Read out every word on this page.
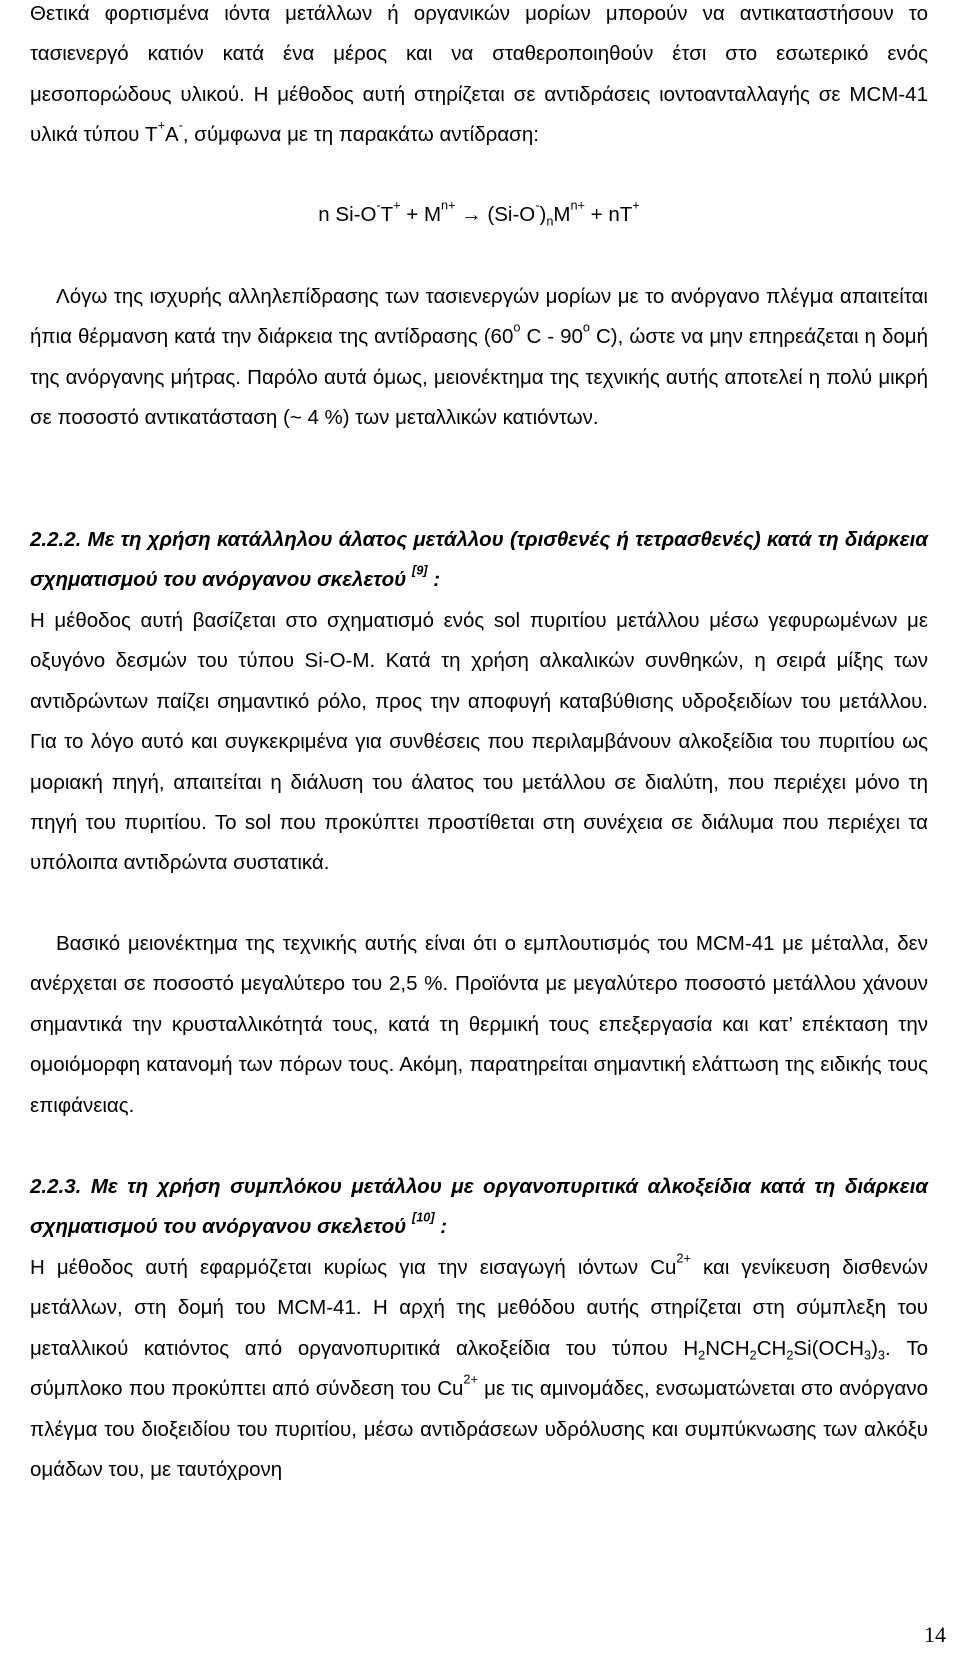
Θετικά φορτισμένα ιόντα μετάλλων ή οργανικών μορίων μπορούν να αντικαταστήσουν το τασιενεργό κατιόν κατά ένα μέρος και να σταθεροποιηθούν έτσι στο εσωτερικό ενός μεσοπορώδους υλικού. Η μέθοδος αυτή στηρίζεται σε αντιδράσεις ιοντοανταλλαγής σε MCM-41 υλικά τύπου T+A-, σύμφωνα με τη παρακάτω αντίδραση:

n $Si-O^-T^+ + M^{n+} \to (Si-O^-)_nM^{n+} + nT^+$

Λόγω της ισχυρής αλληλεπίδρασης των τασιενεργών μορίων με το ανόργανο πλέγμα απαιτείται ήπια θέρμανση κατά την διάρκεια της αντίδρασης (60$^o$ C - 90$^o$ C), ώστε να μην επηρεάζεται η δομή της ανόργανης μήτρας. Παρόλο αυτά όμως, μειονέκτημα της τεχνικής αυτής αποτελεί η πολύ μικρή σε ποσοστό αντικατάσταση (~ 4 %) των μεταλλικών κατιόντων.

2.2.2. Με τη χρήση κατάλληλου άλατος μετάλλου (τρισθενές ή τετρασθενές) κατά τη διάρκεια σχηματισμού του ανόργανου σκελετού [9] :

Η μέθοδος αυτή βασίζεται στο σχηματισμό ενός sol πυριτίου μετάλλου μέσω γεφυρωμένων με οξυγόνο δεσμών του τύπου Si-O-M. Κατά τη χρήση αλκαλικών συνθηκών, η σειρά μίξης των αντιδρώντων παίζει σημαντικό ρόλο, προς την αποφυγή καταβύθισης υδροξειδίων του μετάλλου. Για το λόγο αυτό και συγκεκριμένα για συνθέσεις που περιλαμβάνουν αλκοξείδια του πυριτίου ως μοριακή πηγή, απαιτείται η διάλυση του άλατος του μετάλλου σε διαλύτη, που περιέχει μόνο τη πηγή του πυριτίου. Το sol που προκύπτει προστίθεται στη συνέχεια σε διάλυμα που περιέχει τα υπόλοιπα αντιδρώντα συστατικά.

Βασικό μειονέκτημα της τεχνικής αυτής είναι ότι ο εμπλουτισμός του MCM-41 με μέταλλα, δεν ανέρχεται σε ποσοστό μεγαλύτερο του 2,5 %. Προϊόντα με μεγαλύτερο ποσοστό μετάλλου χάνουν σημαντικά την κρυσταλλικότητά τους, κατά τη θερμική τους επεξεργασία και κατ’ επέκταση την ομοιόμορφη κατανομή των πόρων τους. Ακόμη, παρατηρείται σημαντική ελάττωση της ειδικής τους επιφάνειας.

2.2.3. Με τη χρήση συμπλόκου μετάλλου με οργανοπυριτικά αλκοξείδια κατά τη διάρκεια σχηματισμού του ανόργανου σκελετού [10] :

Η μέθοδος αυτή εφαρμόζεται κυρίως για την εισαγωγή ιόντων $Cu^{2+}$ και γενίκευση δισθενών μετάλλων, στη δομή του MCM-41. Η αρχή της μεθόδου αυτής στηρίζεται στη σύμπλεξη του μεταλλικού κατιόντος από οργανοπυριτικά αλκοξείδια του τύπου $H_2NCH_2CH_2Si(OCH_3)_3$. Το σύμπλοκο που προκύπτει από σύνδεση του $Cu^{2+}$ με τις αμινομάδες, ενσωματώνεται στο ανόργανο πλέγμα του διοξειδίου του πυριτίου, μέσω αντιδράσεων υδρόλυσης και συμπύκνωσης των αλκόξυ ομάδων του, με ταυτόχρονη

14
